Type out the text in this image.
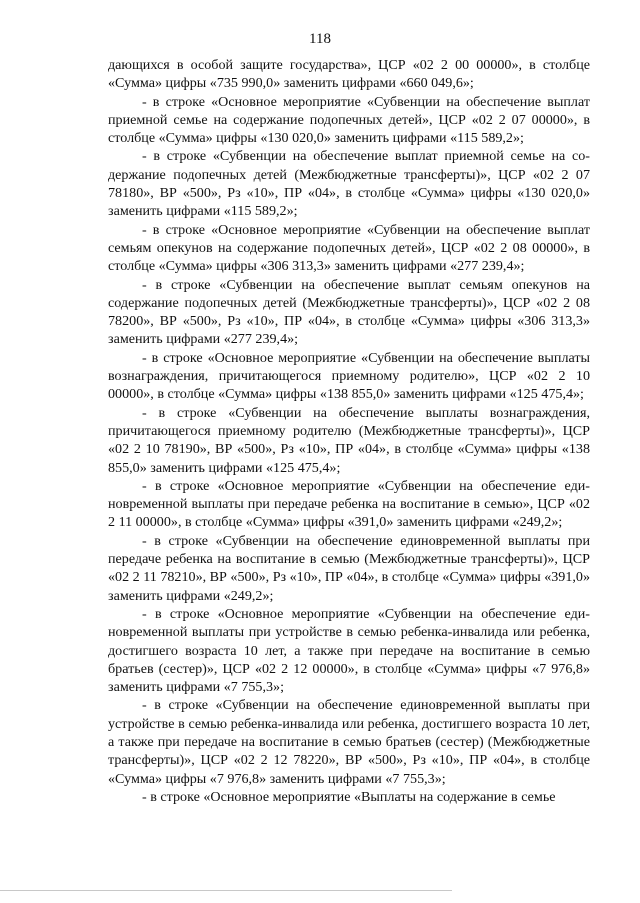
118

дающихся в особой защите государства», ЦСР «02 2 00 00000», в столбце «Сумма» цифры «735 990,0» заменить цифрами «660 049,6»;

- в строке «Основное мероприятие «Субвенции на обеспечение выплат приемной семье на содержание подопечных детей», ЦСР «02 2 07 00000», в столбце «Сумма» цифры «130 020,0» заменить цифрами «115 589,2»;

- в строке «Субвенции на обеспечение выплат приемной семье на содержание подопечных детей (Межбюджетные трансферты)», ЦСР «02 2 07 78180», ВР «500», Рз «10», ПР «04», в столбце «Сумма» цифры «130 020,0» заменить цифрами «115 589,2»;

- в строке «Основное мероприятие «Субвенции на обеспечение выплат семьям опекунов на содержание подопечных детей», ЦСР «02 2 08 00000», в столбце «Сумма» цифры «306 313,3» заменить цифрами «277 239,4»;

- в строке «Субвенции на обеспечение выплат семьям опекунов на содержание подопечных детей (Межбюджетные трансферты)», ЦСР «02 2 08 78200», ВР «500», Рз «10», ПР «04», в столбце «Сумма» цифры «306 313,3» заменить цифрами «277 239,4»;

- в строке «Основное мероприятие «Субвенции на обеспечение выплаты вознаграждения, причитающегося приемному родителю», ЦСР «02 2 10 00000», в столбце «Сумма» цифры «138 855,0» заменить цифрами «125 475,4»;

- в строке «Субвенции на обеспечение выплаты вознаграждения, причитающегося приемному родителю (Межбюджетные трансферты)», ЦСР «02 2 10 78190», ВР «500», Рз «10», ПР «04», в столбце «Сумма» цифры «138 855,0» заменить цифрами «125 475,4»;

- в строке «Основное мероприятие «Субвенции на обеспечение единовременной выплаты при передаче ребенка на воспитание в семью», ЦСР «02 2 11 00000», в столбце «Сумма» цифры «391,0» заменить цифрами «249,2»;

- в строке «Субвенции на обеспечение единовременной выплаты при передаче ребенка на воспитание в семью (Межбюджетные трансферты)», ЦСР «02 2 11 78210», ВР «500», Рз «10», ПР «04», в столбце «Сумма» цифры «391,0» заменить цифрами «249,2»;

- в строке «Основное мероприятие «Субвенции на обеспечение единовременной выплаты при устройстве в семью ребенка-инвалида или ребенка, достигшего возраста 10 лет, а также при передаче на воспитание в семью братьев (сестер)», ЦСР «02 2 12 00000», в столбце «Сумма» цифры «7 976,8» заменить цифрами «7 755,3»;

- в строке «Субвенции на обеспечение единовременной выплаты при устройстве в семью ребенка-инвалида или ребенка, достигшего возраста 10 лет, а также при передаче на воспитание в семью братьев (сестер) (Межбюджетные трансферты)», ЦСР «02 2 12 78220», ВР «500», Рз «10», ПР «04», в столбце «Сумма» цифры «7 976,8» заменить цифрами «7 755,3»;

- в строке «Основное мероприятие «Выплаты на содержание в семье
